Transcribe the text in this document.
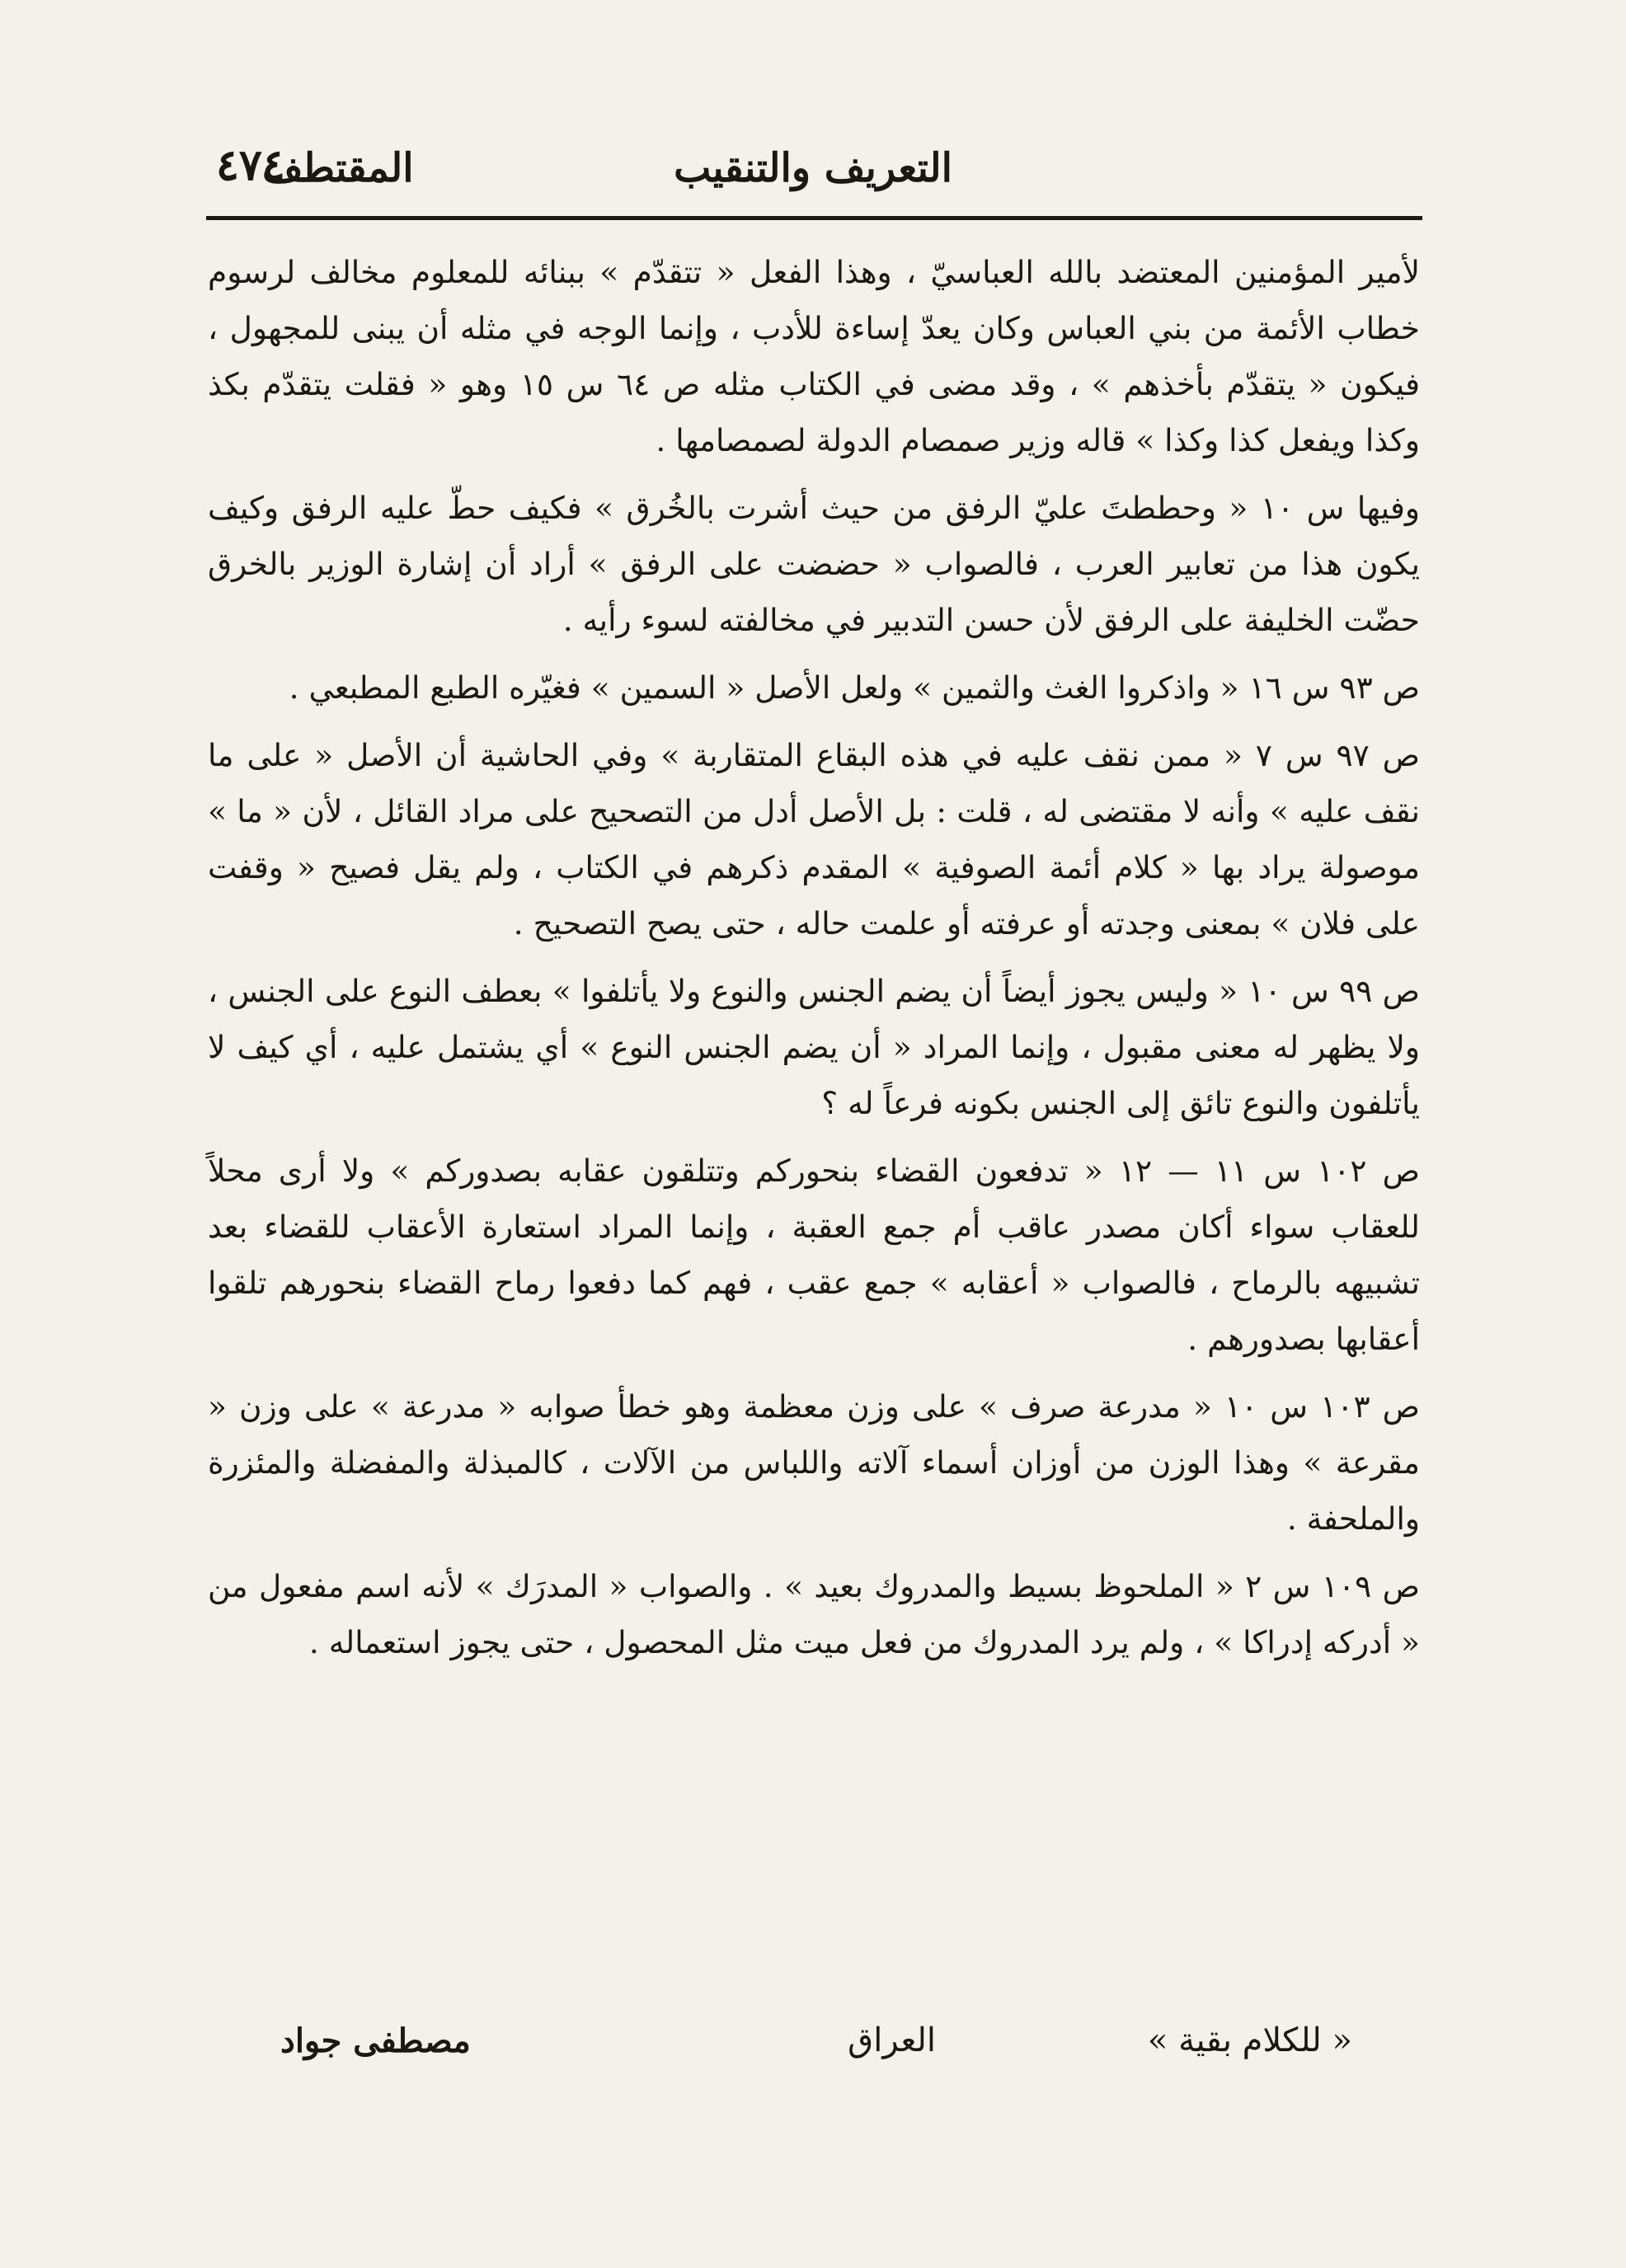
٤٧٤	التعريف والتنقيب
المقتطف

لأمير المؤمنين المعتضد بالله العباسيّ ، وهذا الفعل « تتقدّم » ببنائه للمعلوم مخالف لرسوم خطاب الأئمة من بني العباس وكان يعدّ إساءة للأدب ، وإنما الوجه في مثله أن يبنى للمجهول ، فيكون « يتقدّم بأخذهم » ، وقد مضى في الكتاب مثله ص ٦٤ س ١٥ وهو « فقلت يتقدّم بكذ وكذا ويفعل كذا وكذا » قاله وزير صمصام الدولة لصمصامها .

وفيها س ١٠ « وحططتَ عليّ الرفق من حيث أشرت بالخُرق » فكيف حطّ عليه الرفق وكيف يكون هذا من تعابير العرب ، فالصواب « حضضت على الرفق » أراد أن إشارة الوزير بالخرق حضّت الخليفة على الرفق لأن حسن التدبير في مخالفته لسوء رأيه .

ص ٩٣ س ١٦ « واذكروا الغث والثمين » ولعل الأصل « السمين » فغيّره الطبع المطبعي .

ص ٩٧ س ٧ « ممن نقف عليه في هذه البقاع المتقاربة » وفي الحاشية أن الأصل « على ما نقف عليه » وأنه لا مقتضى له ، قلت : بل الأصل أدل من التصحيح على مراد القائل ، لأن « ما » موصولة يراد بها « كلام أئمة الصوفية » المقدم ذكرهم في الكتاب ، ولم يقل فصيح « وقفت على فلان » بمعنى وجدته أو عرفته أو علمت حاله ، حتى يصح التصحيح .

ص ٩٩ س ١٠ « وليس يجوز أيضاً أن يضم الجنس والنوع ولا يأتلفوا » بعطف النوع على الجنس ، ولا يظهر له معنى مقبول ، وإنما المراد « أن يضم الجنس النوع » أي يشتمل عليه ، أي كيف لا يأتلفون والنوع تائق إلى الجنس بكونه فرعاً له ؟

ص ١٠٢ س ١١ — ١٢ « تدفعون القضاء بنحوركم وتتلقون عقابه بصدوركم » ولا أرى محلاً للعقاب سواء أكان مصدر عاقب أم جمع العقبة ، وإنما المراد استعارة الأعقاب للقضاء بعد تشبيهه بالرماح ، فالصواب « أعقابه » جمع عقب ، فهم كما دفعوا رماح القضاء بنحورهم تلقوا أعقابها بصدورهم .

ص ١٠٣ س ١٠ « مدرعة صرف » على وزن معظمة وهو خطأ صوابه « مدرعة » على وزن « مقرعة » وهذا الوزن من أوزان أسماء آلاته واللباس من الآلات ، كالمبذلة والمفضلة والمئزرة والملحفة .

ص ١٠٩ س ٢ « الملحوظ بسيط والمدروك بعيد » . والصواب « المدرَك » لأنه اسم مفعول من « أدركه إدراكا » ، ولم يرد المدروك من فعل ميت مثل المحصول ، حتى يجوز استعماله .

« للكلام بقية »
العراق
مصطفى جواد
